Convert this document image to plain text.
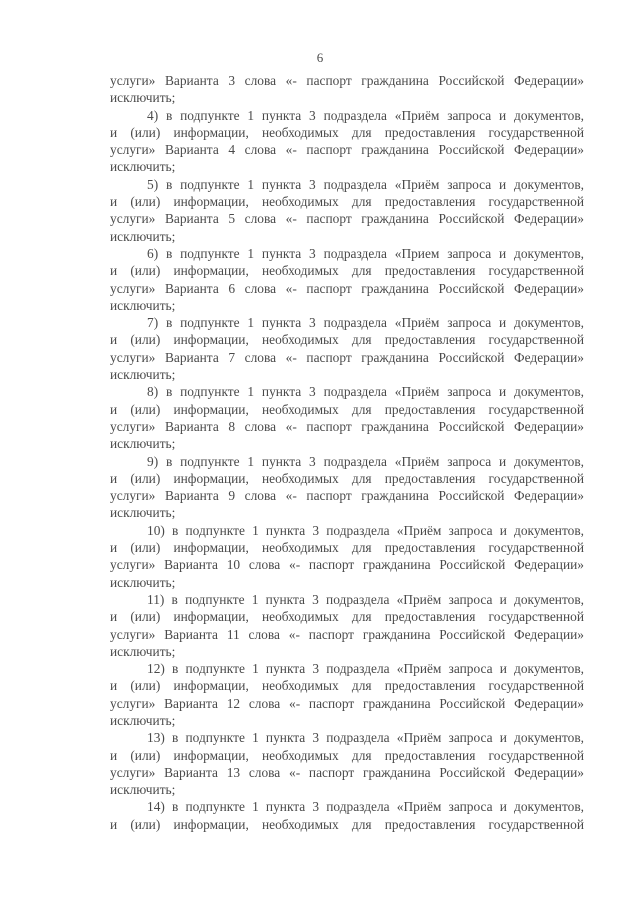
6
услуги» Варианта 3 слова «- паспорт гражданина Российской Федерации»
исключить;
4) в подпункте 1 пункта 3 подраздела «Приём запроса и документов,
и (или) информации, необходимых для предоставления государственной
услуги» Варианта 4 слова «- паспорт гражданина Российской Федерации»
исключить;
5) в подпункте 1 пункта 3 подраздела «Приём запроса и документов,
и (или) информации, необходимых для предоставления государственной
услуги» Варианта 5 слова «- паспорт гражданина Российской Федерации»
исключить;
6) в подпункте 1 пункта 3 подраздела «Прием запроса и документов,
и (или) информации, необходимых для предоставления государственной
услуги» Варианта 6 слова «- паспорт гражданина Российской Федерации»
исключить;
7) в подпункте 1 пункта 3 подраздела «Приём запроса и документов,
и (или) информации, необходимых для предоставления государственной
услуги» Варианта 7 слова «- паспорт гражданина Российской Федерации»
исключить;
8) в подпункте 1 пункта 3 подраздела «Приём запроса и документов,
и (или) информации, необходимых для предоставления государственной
услуги» Варианта 8 слова «- паспорт гражданина Российской Федерации»
исключить;
9) в подпункте 1 пункта 3 подраздела «Приём запроса и документов,
и (или) информации, необходимых для предоставления государственной
услуги» Варианта 9 слова «- паспорт гражданина Российской Федерации»
исключить;
10) в подпункте 1 пункта 3 подраздела «Приём запроса и документов,
и (или) информации, необходимых для предоставления государственной
услуги» Варианта 10 слова «- паспорт гражданина Российской Федерации»
исключить;
11) в подпункте 1 пункта 3 подраздела «Приём запроса и документов,
и (или) информации, необходимых для предоставления государственной
услуги» Варианта 11 слова «- паспорт гражданина Российской Федерации»
исключить;
12) в подпункте 1 пункта 3 подраздела «Приём запроса и документов,
и (или) информации, необходимых для предоставления государственной
услуги» Варианта 12 слова «- паспорт гражданина Российской Федерации»
исключить;
13) в подпункте 1 пункта 3 подраздела «Приём запроса и документов,
и (или) информации, необходимых для предоставления государственной
услуги» Варианта 13 слова «- паспорт гражданина Российской Федерации»
исключить;
14) в подпункте 1 пункта 3 подраздела «Приём запроса и документов,
и (или) информации, необходимых для предоставления государственной
